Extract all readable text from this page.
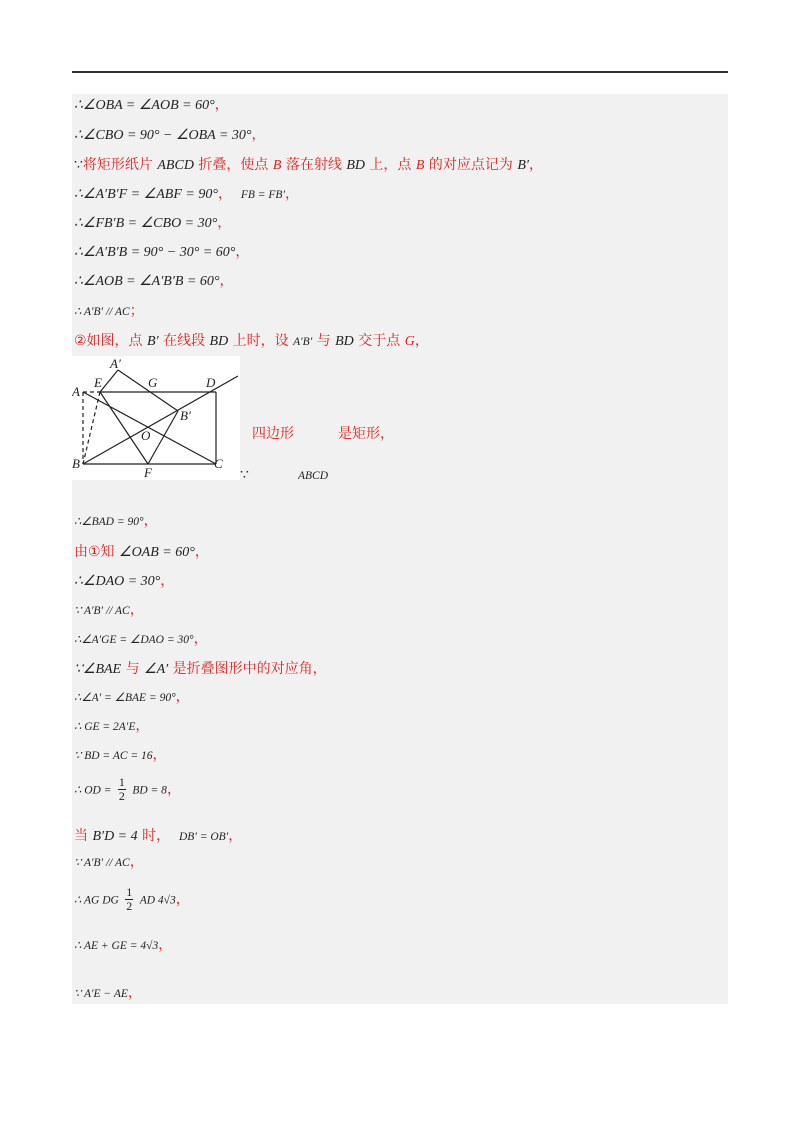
∴∠OBA = ∠AOB = 60°，
∴∠CBO = 90° − ∠OBA = 30°，
∵将矩形纸片 ABCD 折叠，使点 B 落在射线 BD 上，点 B 的对应点记为 B′，
∴∠A′B′F = ∠ABF = 90°， FB = FB′，
∴∠FB′B = ∠CBO = 30°，
∴∠A′B′B = 90° − 30° = 60°，
∴∠AOB = ∠A′B′B = 60°，
∴ A′B′ // AC；
②如图，点 B′ 在线段 BD 上时，设 A′B′ 与 BD 交于点 G，
A
A′
E	G	D
B′
O
B
F
C
四边形	是矩形，
∵	ABCD
∴∠BAD = 90°，
由①知 ∠OAB = 60°，
∴∠DAO = 30°，
∵ A′B′ // AC，
∴∠A′GE = ∠DAO = 30°，
∵∠BAE 与 ∠A′ 是折叠图形中的对应角，
∴∠A′ = ∠BAE = 90°，
∴ GE = 2A′E，
∵ BD = AC = 16，
∴ OD = $\frac{1}{2}$ BD = 8，
当 B′D = 4 时， DB′ = OB′，
∵ A′B′ // AC，
∴ AG DG $\frac{1}{2}$ AD 4√3，
∴ AE + GE = 4√3，
∵ A′E − AE，
